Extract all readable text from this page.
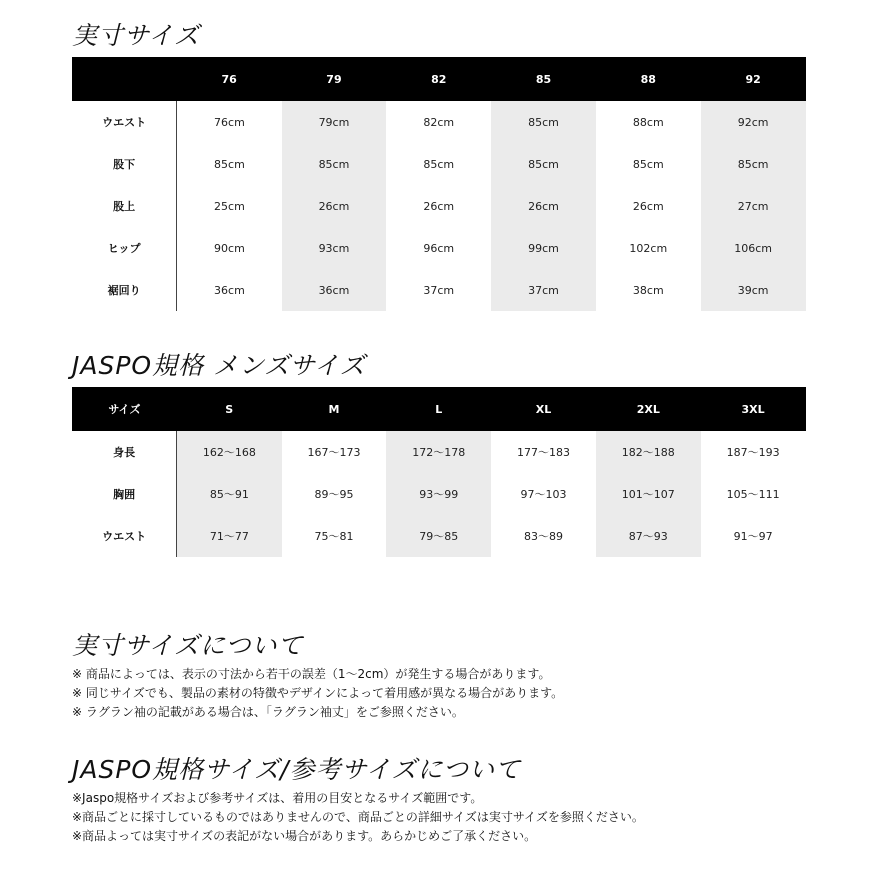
実寸サイズ
	76	79	82	85	88	92
ウエスト	76cm	79cm	82cm	85cm	88cm	92cm
股下	85cm	85cm	85cm	85cm	85cm	85cm
股上	25cm	26cm	26cm	26cm	26cm	27cm
ヒップ	90cm	93cm	96cm	99cm	102cm	106cm
裾回り	36cm	36cm	37cm	37cm	38cm	39cm
JASPO規格 メンズサイズ
サイズ	S	M	L	XL	2XL	3XL
身長	162〜168	167〜173	172〜178	177〜183	182〜188	187〜193
胸囲	85〜91	89〜95	93〜99	97〜103	101〜107	105〜111
ウエスト	71〜77	75〜81	79〜85	83〜89	87〜93	91〜97
実寸サイズについて
※ 商品によっては、表示の寸法から若干の誤差（1〜2cm）が発生する場合があります。
※ 同じサイズでも、製品の素材の特徴やデザインによって着用感が異なる場合があります。
※ ラグラン袖の記載がある場合は、「ラグラン袖丈」をご参照ください。
JASPO規格サイズ/参考サイズについて
※Jaspo規格サイズおよび参考サイズは、着用の目安となるサイズ範囲です。
※商品ごとに採寸しているものではありませんので、商品ごとの詳細サイズは実寸サイズを参照ください。
※商品よっては実寸サイズの表記がない場合があります。あらかじめご了承ください。
